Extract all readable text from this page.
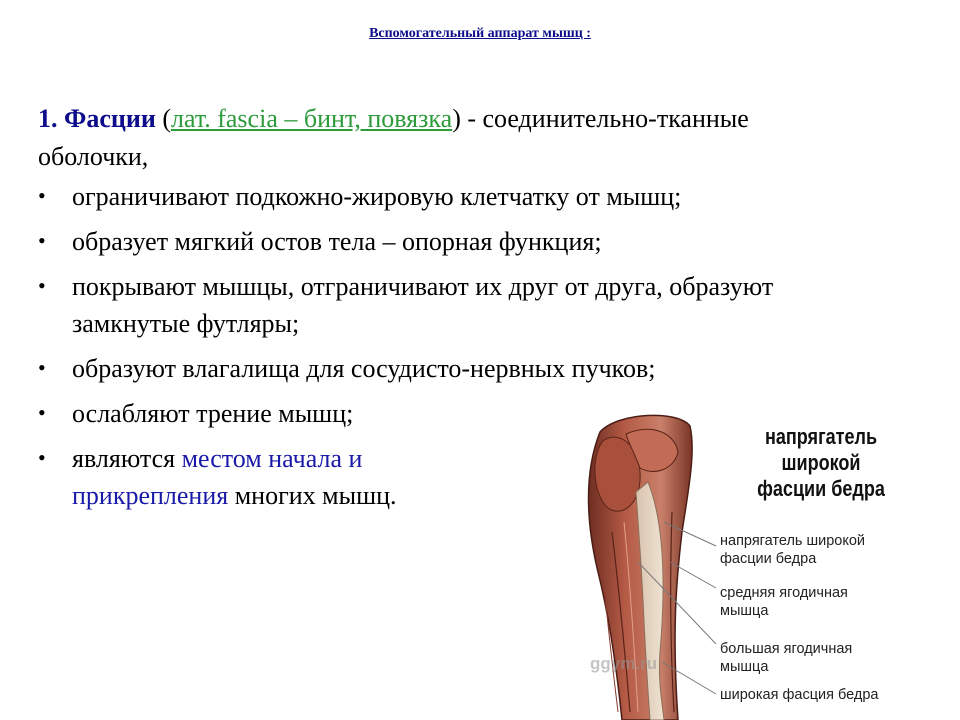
Вспомогательный аппарат мышц :
1. Фасции (лат. fascia – бинт, повязка) - соединительно-тканные оболочки,
• ограничивают подкожно-жировую клетчатку от мышц;
• образует мягкий остов тела – опорная функция;
• покрывают мышцы, отграничивают их друг от друга, образуют замкнутые футляры;
• образуют влагалища для сосудисто-нервных пучков;
• ослабляют трение мышц;
• являются местом начала и прикрепления многих мышц.
напрягатель широкой фасции бедра
напрягатель широкой фасции бедра
средняя ягодичная мышца
большая ягодичная мышца
широкая фасция бедра
ggym.ru
